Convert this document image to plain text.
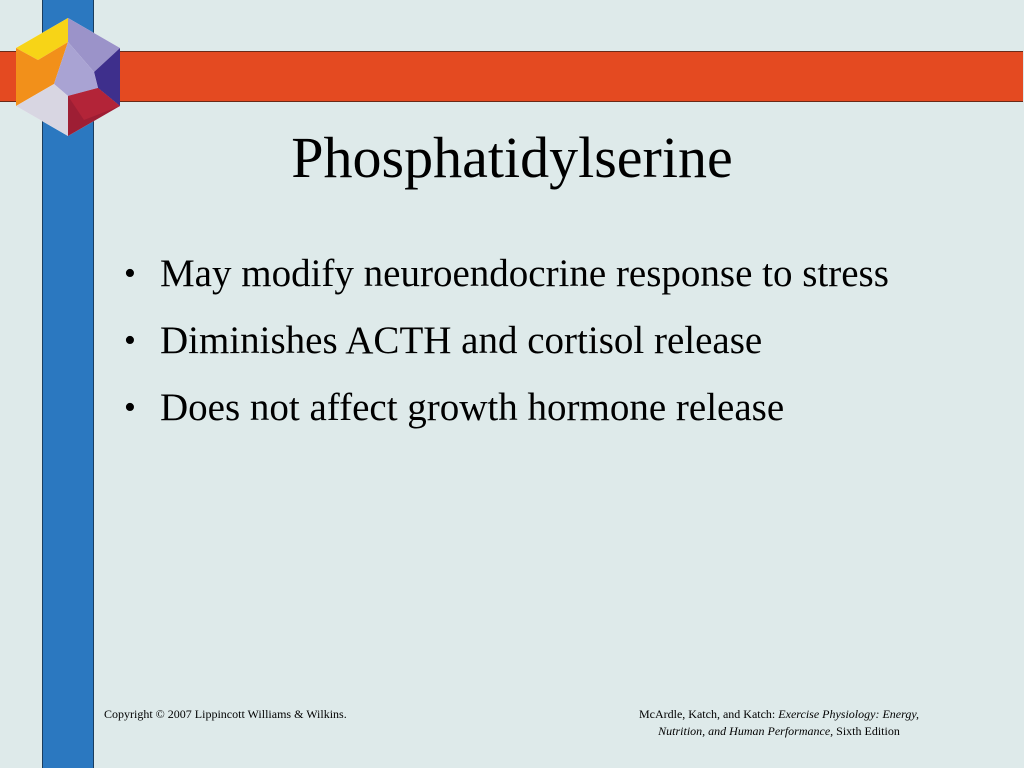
Phosphatidylserine
• May modify neuroendocrine response to stress
• Diminishes ACTH and cortisol release
• Does not affect growth hormone release
Copyright © 2007 Lippincott Williams & Wilkins.	McArdle, Katch, and Katch: Exercise Physiology: Energy,
Nutrition, and Human Performance, Sixth Edition
